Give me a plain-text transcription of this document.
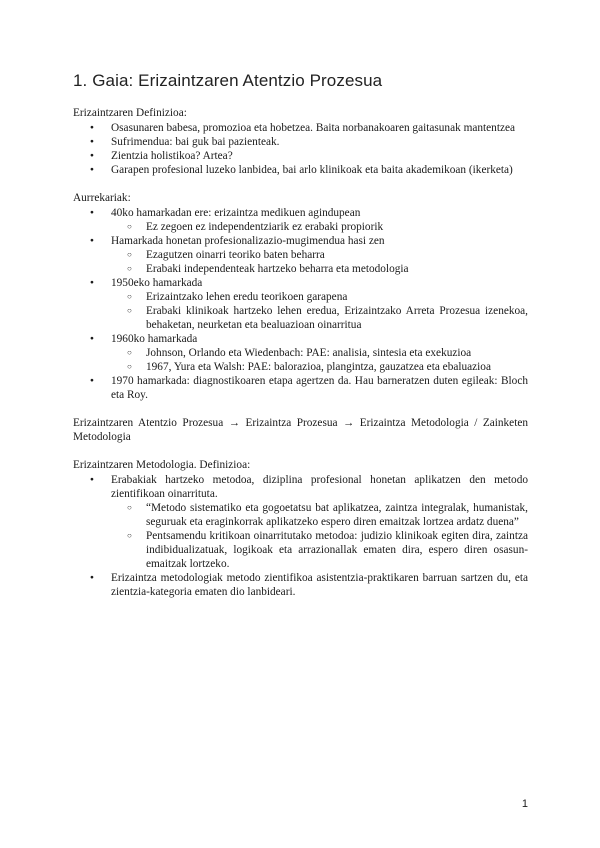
1. Gaia: Erizaintzaren Atentzio Prozesua

Erizaintzaren Definizioa:

● Osasunaren babesa, promozioa eta hobetzea. Baita norbanakoaren gaitasunak mantentzea
● Sufrimendua: bai guk bai pazienteak.
● Zientzia holistikoa? Artea?
● Garapen profesional luzeko lanbidea, bai arlo klinikoak eta baita akademikoan (ikerketa)

Aurrekariak:

● 40ko hamarkadan ere: erizaintza medikuen agindupean
○ Ez zegoen ez independentziarik ez erabaki propiorik
● Hamarkada honetan profesionalizazio-mugimendua hasi zen
○ Ezagutzen oinarri teoriko baten beharra
○ Erabaki independenteak hartzeko beharra eta metodologia
● 1950eko hamarkada
○ Erizaintzako lehen eredu teorikoen garapena
○ Erabaki klinikoak hartzeko lehen eredua, Erizaintzako Arreta Prozesua izenekoa, behaketan, neurketan eta bealuazioan oinarritua
● 1960ko hamarkada
○ Johnson, Orlando eta Wiedenbach: PAE: analisia, sintesia eta exekuzioa
○ 1967, Yura eta Walsh: PAE: balorazioa, plangintza, gauzatzea eta ebaluazioa
● 1970 hamarkada: diagnostikoaren etapa agertzen da. Hau barneratzen duten egileak: Bloch eta Roy.

Erizaintzaren Atentzio Prozesua → Erizaintza Prozesua → Erizaintza Metodologia / Zainketen Metodologia

Erizaintzaren Metodologia. Definizioa:

● Erabakiak hartzeko metodoa, diziplina profesional honetan aplikatzen den metodo zientifikoan oinarrituta.
○ “Metodo sistematiko eta gogoetatsu bat aplikatzea, zaintza integralak, humanistak, seguruak eta eraginkorrak aplikatzeko espero diren emaitzak lortzea ardatz duena”
○ Pentsamendu kritikoan oinarritutako metodoa: judizio klinikoak egiten dira, zaintza indibidualizatuak, logikoak eta arrazionallak ematen dira, espero diren osasun-emaitzak lortzeko.
● Erizaintza metodologiak metodo zientifikoa asistentzia-praktikaren barruan sartzen du, eta zientzia-kategoria ematen dio lanbideari.
1
